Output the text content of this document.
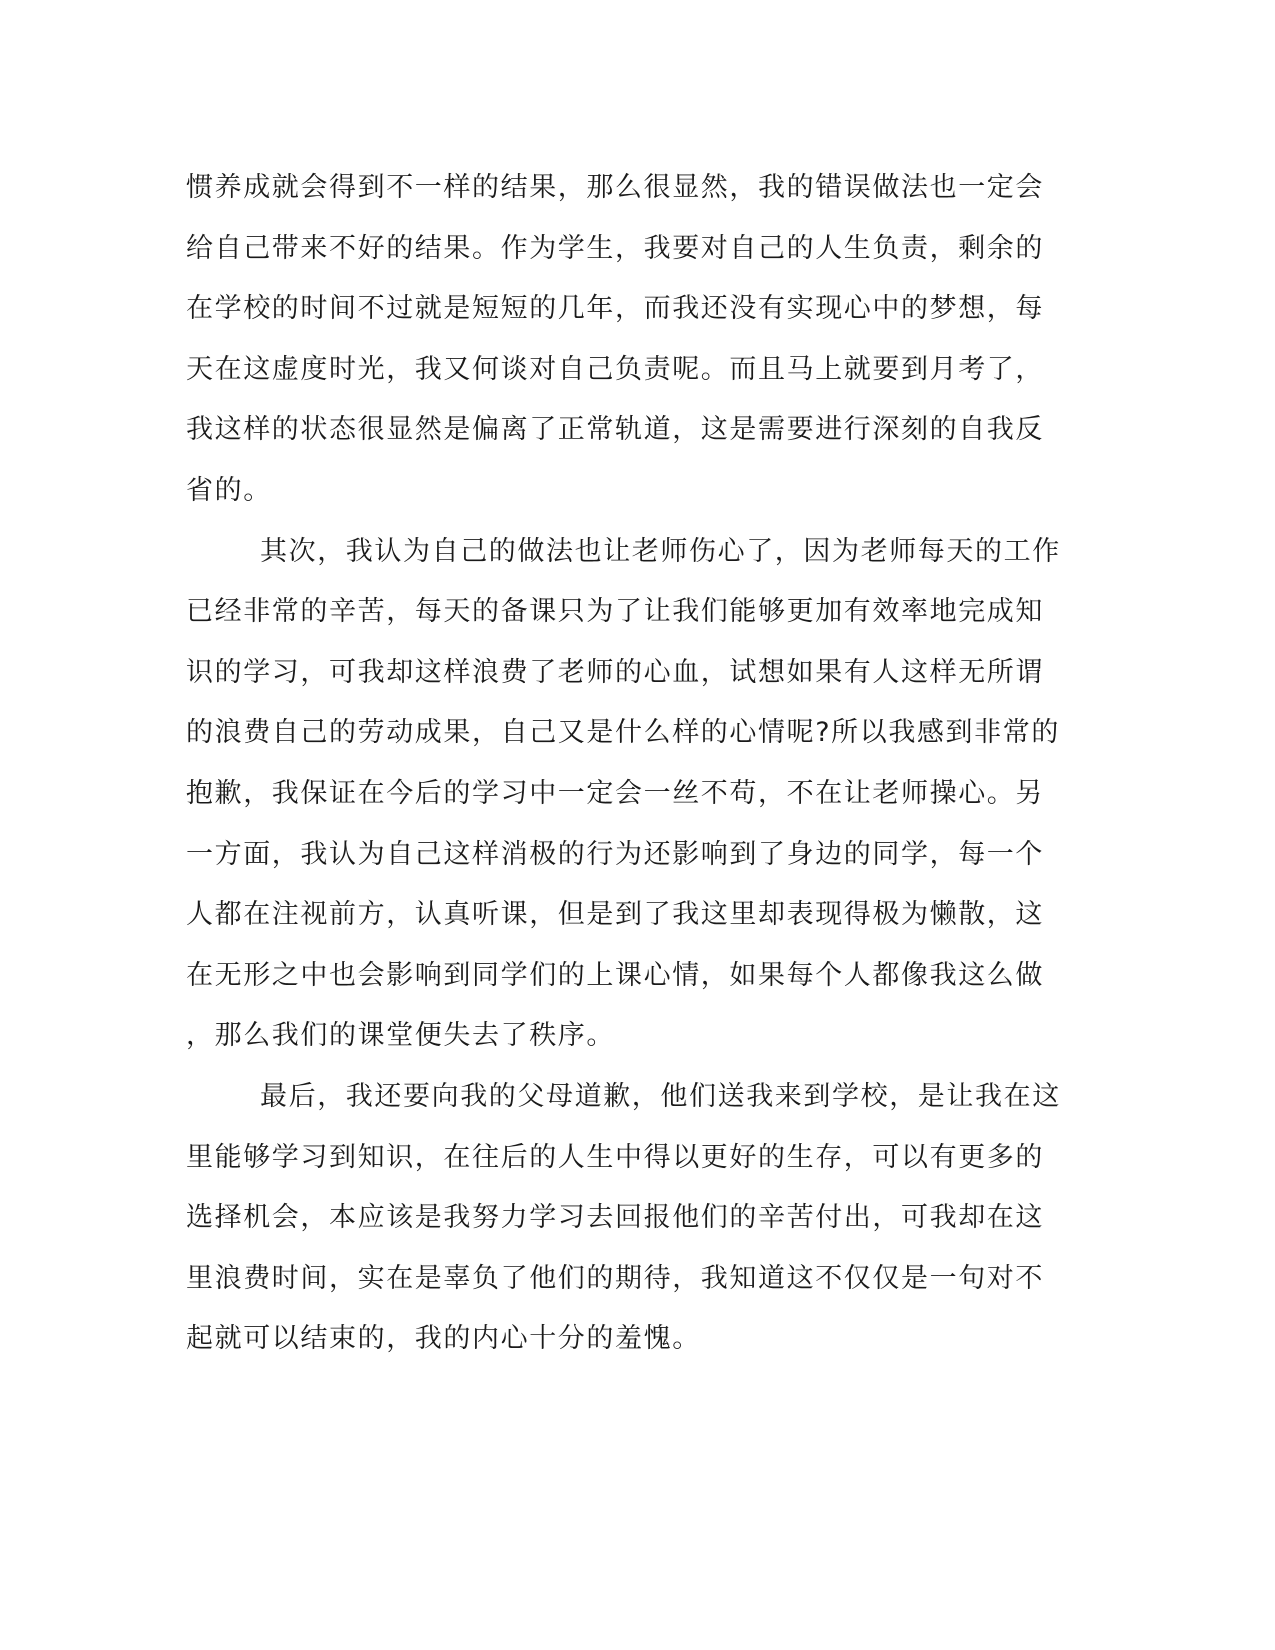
惯养成就会得到不一样的结果，那么很显然，我的错误做法也一定会
给自己带来不好的结果。作为学生，我要对自己的人生负责，剩余的
在学校的时间不过就是短短的几年，而我还没有实现心中的梦想，每
天在这虚度时光，我又何谈对自己负责呢。而且马上就要到月考了，
我这样的状态很显然是偏离了正常轨道，这是需要进行深刻的自我反
省的。
其次，我认为自己的做法也让老师伤心了，因为老师每天的工作
已经非常的辛苦，每天的备课只为了让我们能够更加有效率地完成知
识的学习，可我却这样浪费了老师的心血，试想如果有人这样无所谓
的浪费自己的劳动成果，自己又是什么样的心情呢?所以我感到非常的
抱歉，我保证在今后的学习中一定会一丝不苟，不在让老师操心。另
一方面，我认为自己这样消极的行为还影响到了身边的同学，每一个
人都在注视前方，认真听课，但是到了我这里却表现得极为懒散，这
在无形之中也会影响到同学们的上课心情，如果每个人都像我这么做
，那么我们的课堂便失去了秩序。
最后，我还要向我的父母道歉，他们送我来到学校，是让我在这
里能够学习到知识，在往后的人生中得以更好的生存，可以有更多的
选择机会，本应该是我努力学习去回报他们的辛苦付出，可我却在这
里浪费时间，实在是辜负了他们的期待，我知道这不仅仅是一句对不
起就可以结束的，我的内心十分的羞愧。
